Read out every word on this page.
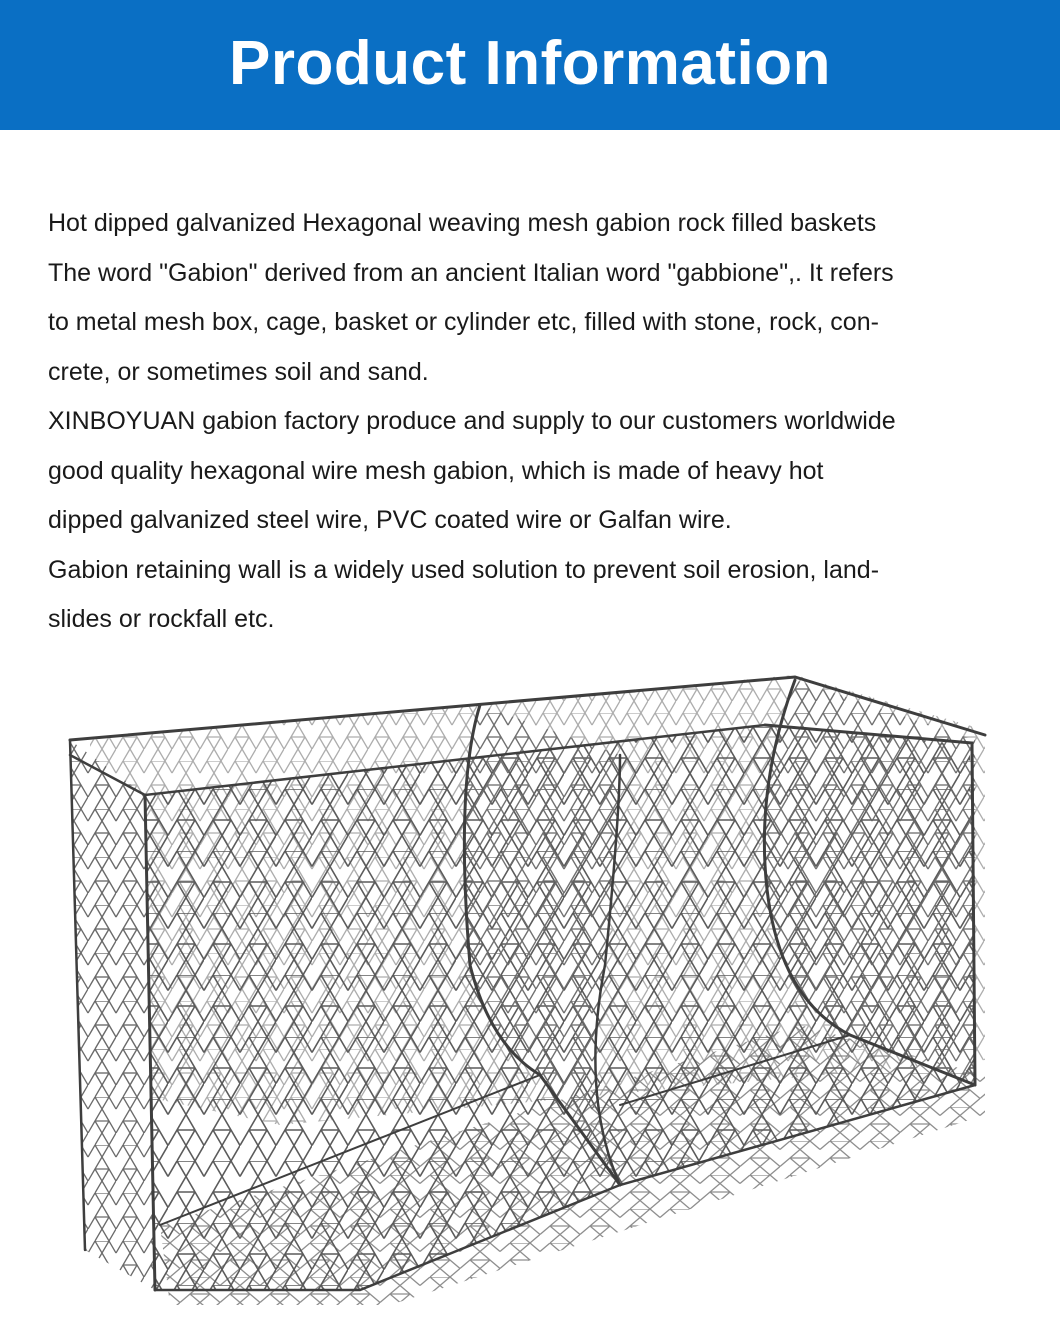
Product Information
Hot dipped galvanized Hexagonal weaving mesh gabion rock filled baskets
The word "Gabion" derived from an ancient Italian word "gabbione",. It refers
to metal mesh box, cage, basket or cylinder etc, filled with stone, rock, con-
crete, or sometimes soil and sand.
XINBOYUAN gabion factory produce and supply to our customers worldwide
good quality hexagonal wire mesh gabion, which is made of heavy hot
dipped galvanized steel wire, PVC coated wire or Galfan wire.
Gabion retaining wall is a widely used solution to prevent soil erosion, land-
slides or rockfall etc.
